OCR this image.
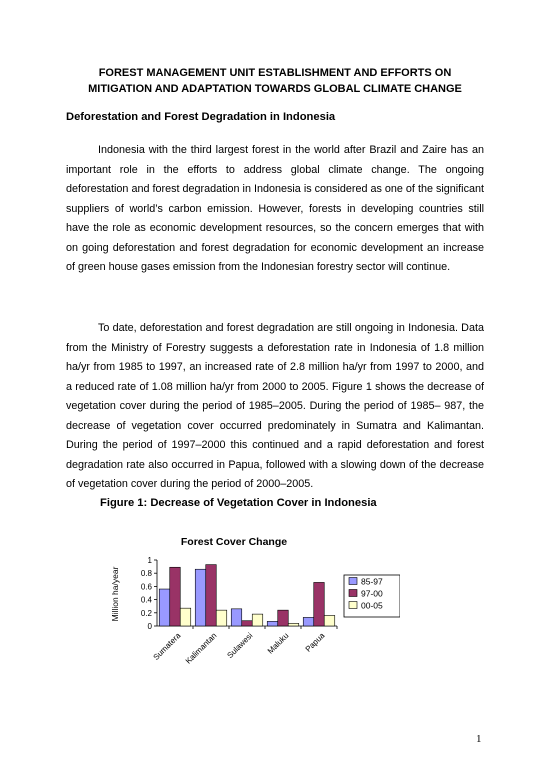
FOREST MANAGEMENT UNIT ESTABLISHMENT AND EFFORTS ON
MITIGATION AND ADAPTATION TOWARDS GLOBAL CLIMATE CHANGE
Deforestation and Forest Degradation in Indonesia

Indonesia with the third largest forest in the world after Brazil and Zaire has an important role in the efforts to address global climate change. The ongoing deforestation and forest degradation in Indonesia is considered as one of the significant suppliers of world’s carbon emission. However, forests in developing countries still have the role as economic development resources, so the concern emerges that with on going deforestation and forest degradation for economic development an increase of green house gases emission from the Indonesian forestry sector will continue.

To date, deforestation and forest degradation are still ongoing in Indonesia. Data from the Ministry of Forestry suggests a deforestation rate in Indonesia of 1.8 million ha/yr from 1985 to 1997, an increased rate of 2.8 million ha/yr from 1997 to 2000, and a reduced rate of 1.08 million ha/yr from 2000 to 2005. Figure 1 shows the decrease of vegetation cover during the period of 1985–2005. During the period of 1985– 987, the decrease of vegetation cover occurred predominately in Sumatra and Kalimantan. During the period of 1997–2000 this continued and a rapid deforestation and forest degradation rate also occurred in Papua, followed with a slowing down of the decrease of vegetation cover during the period of 2000–2005.

Figure 1: Decrease of Vegetation Cover in Indonesia
Forest Cover Change
Million ha/year
0
0.2
0.4
0.6
0.8
1
Sumatera Kalimantan Sulawesi Maluku Papua
85-97
97-00
00-05
1
